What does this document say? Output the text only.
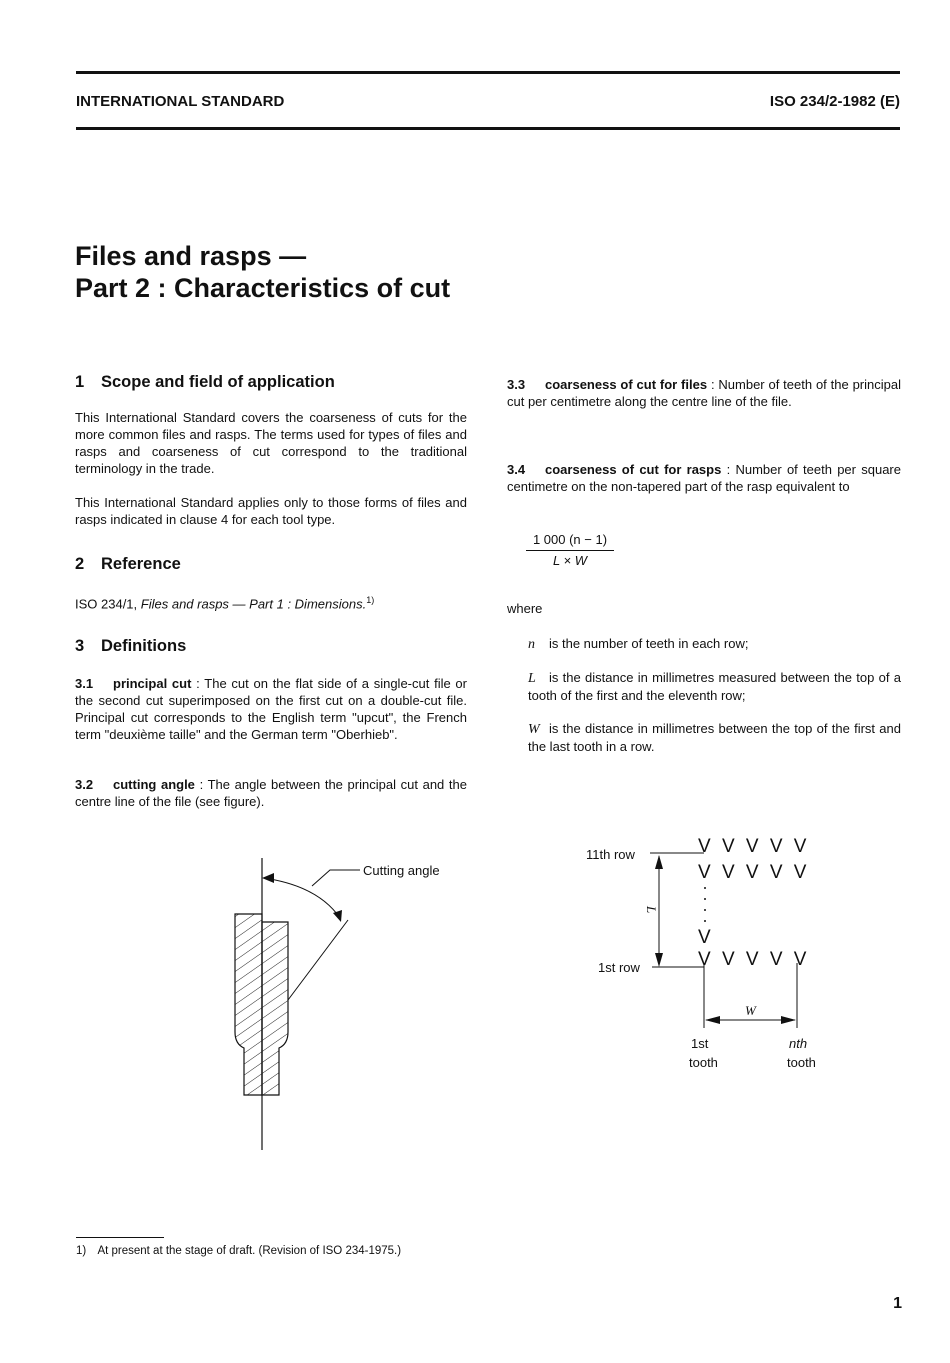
INTERNATIONAL STANDARD	ISO 234/2-1982 (E)
Files and rasps —
Part 2 : Characteristics of cut
1 Scope and field of application

This International Standard covers the coarseness of cuts for the more common files and rasps. The terms used for types of files and rasps and coarseness of cut correspond to the traditional terminology in the trade.

This International Standard applies only to those forms of files and rasps indicated in clause 4 for each tool type.

2 Reference

ISO 234/1, Files and rasps — Part 1 : Dimensions.$^{1)}$

3 Definitions

3.1 principal cut : The cut on the flat side of a single-cut file or the second cut superimposed on the first cut on a double-cut file. Principal cut corresponds to the English term "upcut", the French term "deuxième taille" and the German term "Oberhieb".

3.2 cutting angle : The angle between the principal cut and the centre line of the file (see figure).

3.3 coarseness of cut for files : Number of teeth of the principal cut per centimetre along the centre line of the file.

3.4 coarseness of cut for rasps : Number of teeth per square centimetre on the non-tapered part of the rasp equivalent to

$\frac{1 000 (n - 1)}{L \times W}$
where

n is the number of teeth in each row;

L is the distance in millimetres measured between the top of a tooth of the first and the eleventh row;

W is the distance in millimetres between the top of the first and the last tooth in a row.

Cutting angle
11th row	V V V V V
V V V V V
V
1st row	V V V V V
L
W
1st
tooth
nth
tooth
1) At present at the stage of draft. (Revision of ISO 234-1975.)
1
